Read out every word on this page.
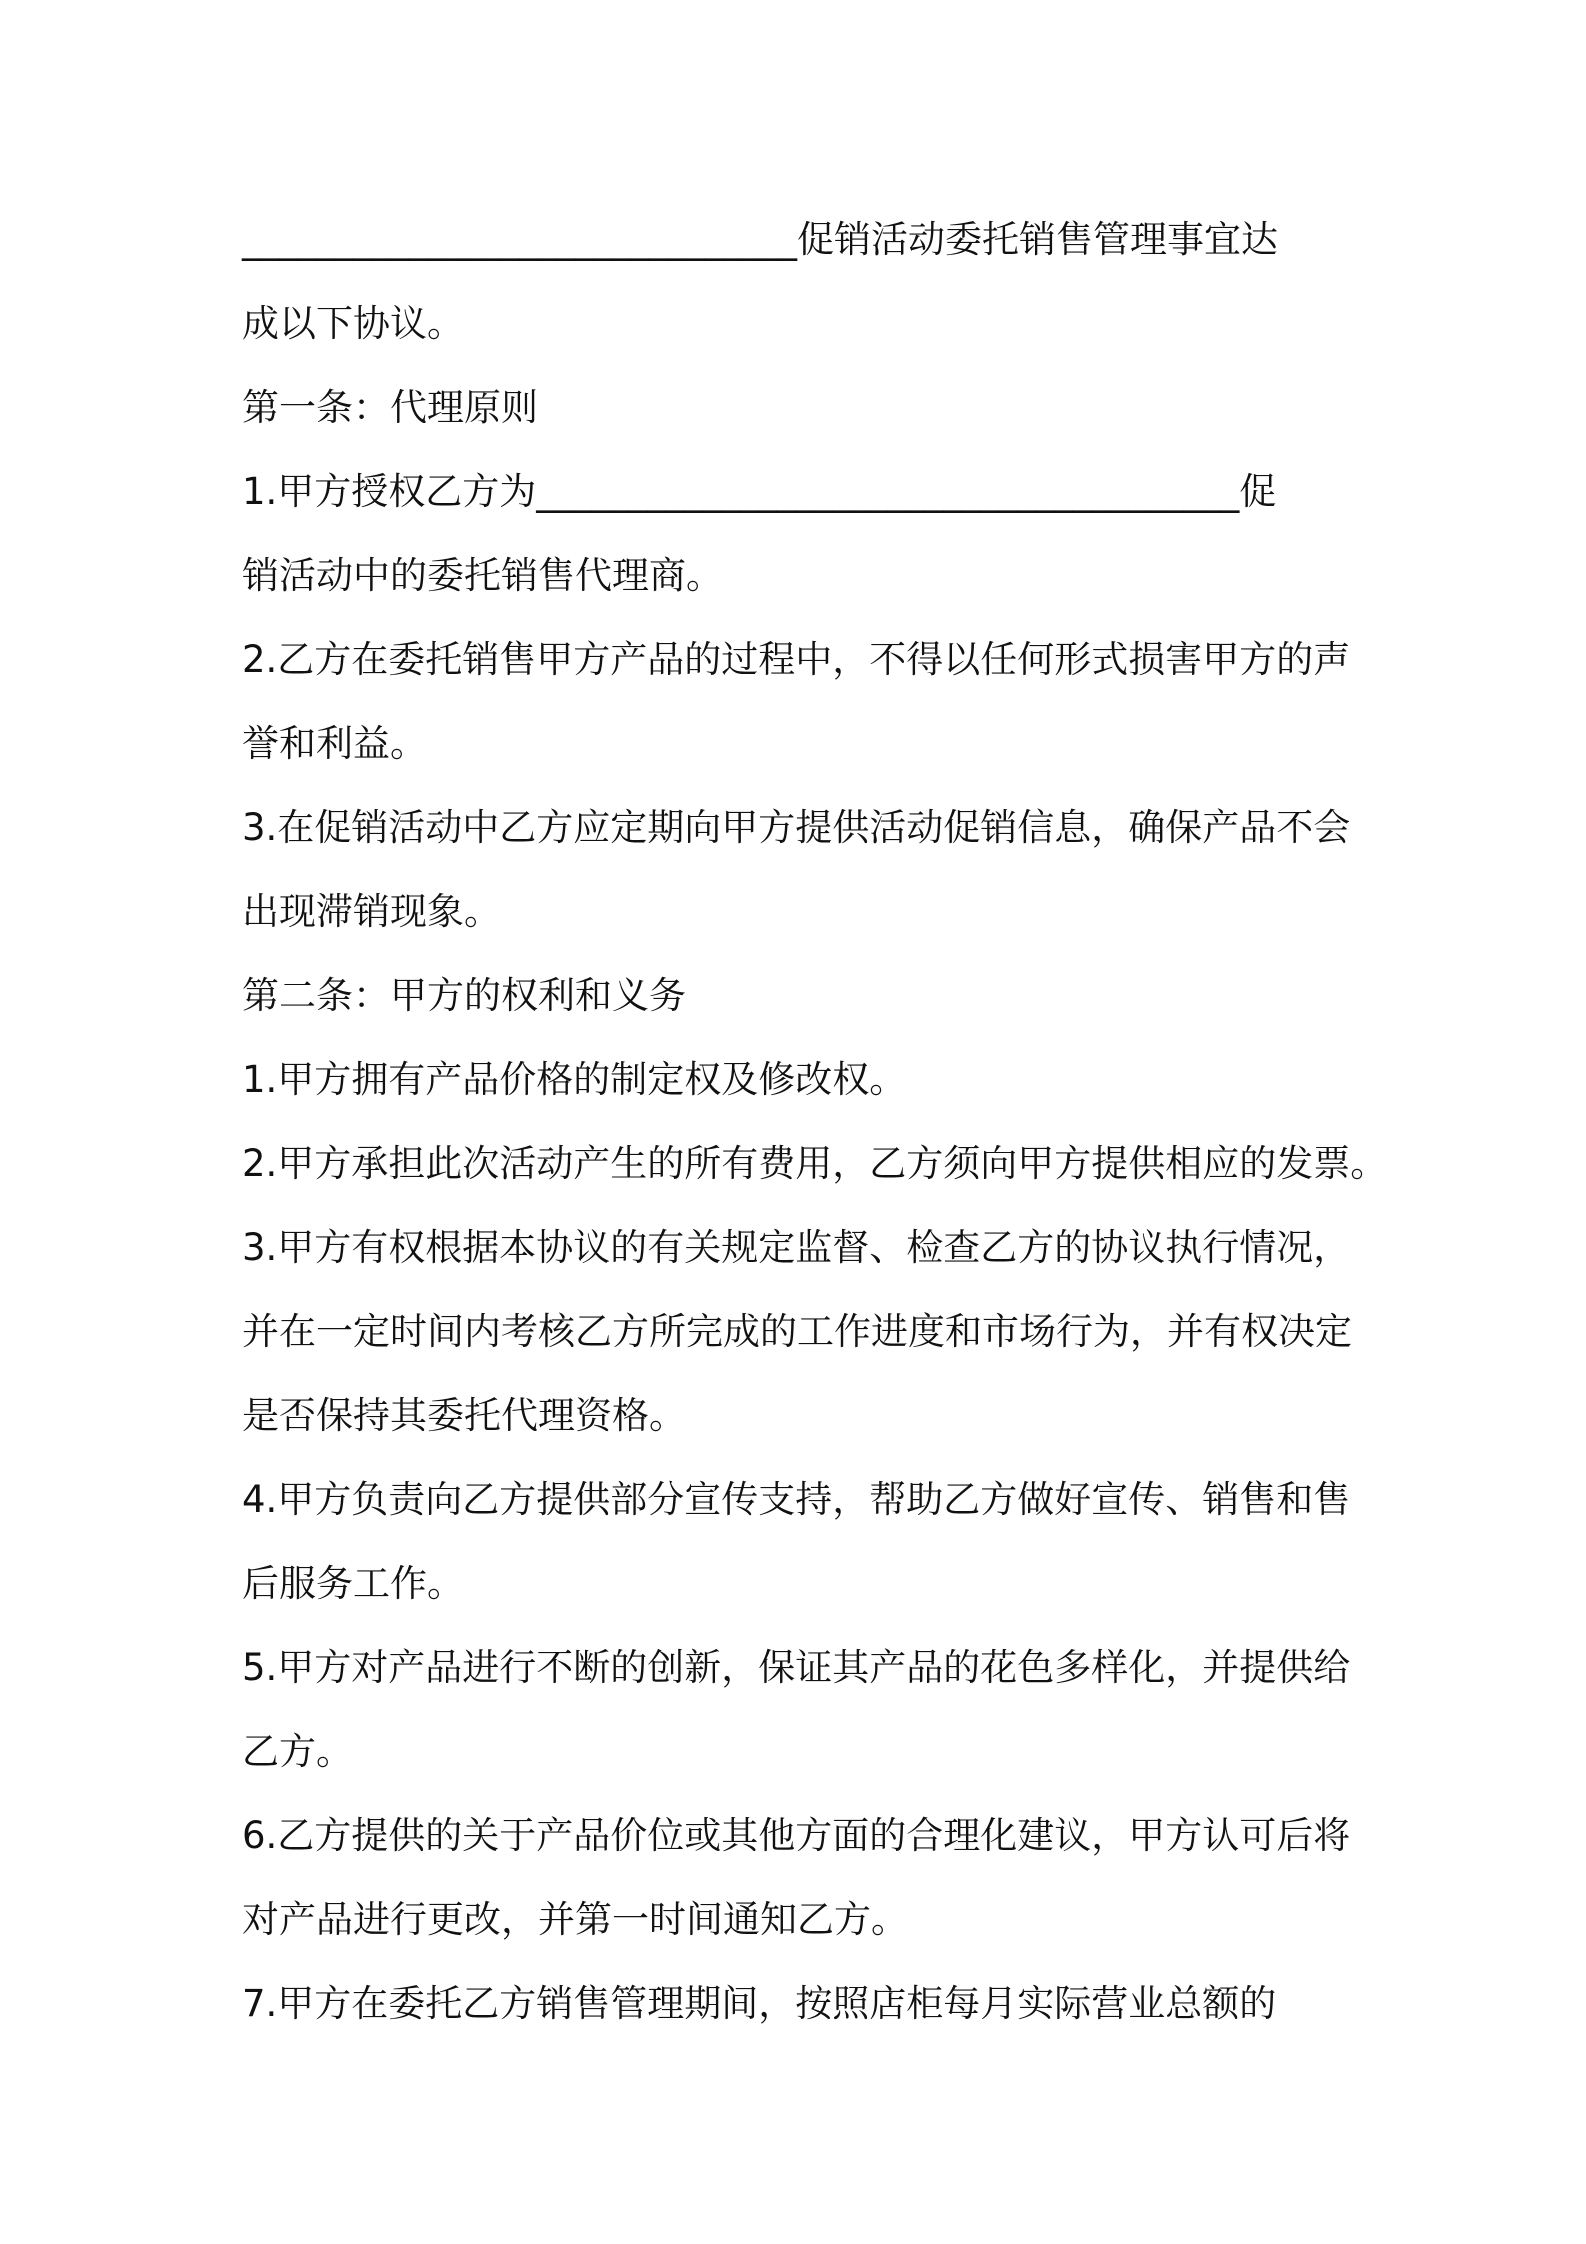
______________________________促销活动委托销售管理事宜达
成以下协议。
第一条：代理原则
1.甲方授权乙方为______________________________________促
销活动中的委托销售代理商。
2.乙方在委托销售甲方产品的过程中，不得以任何形式损害甲方的声
誉和利益。
3.在促销活动中乙方应定期向甲方提供活动促销信息，确保产品不会
出现滞销现象。
第二条：甲方的权利和义务
1.甲方拥有产品价格的制定权及修改权。
2.甲方承担此次活动产生的所有费用，乙方须向甲方提供相应的发票。
3.甲方有权根据本协议的有关规定监督、检查乙方的协议执行情况，
并在一定时间内考核乙方所完成的工作进度和市场行为，并有权决定
是否保持其委托代理资格。
4.甲方负责向乙方提供部分宣传支持，帮助乙方做好宣传、销售和售
后服务工作。
5.甲方对产品进行不断的创新，保证其产品的花色多样化，并提供给
乙方。
6.乙方提供的关于产品价位或其他方面的合理化建议，甲方认可后将
对产品进行更改，并第一时间通知乙方。
7.甲方在委托乙方销售管理期间，按照店柜每月实际营业总额的
